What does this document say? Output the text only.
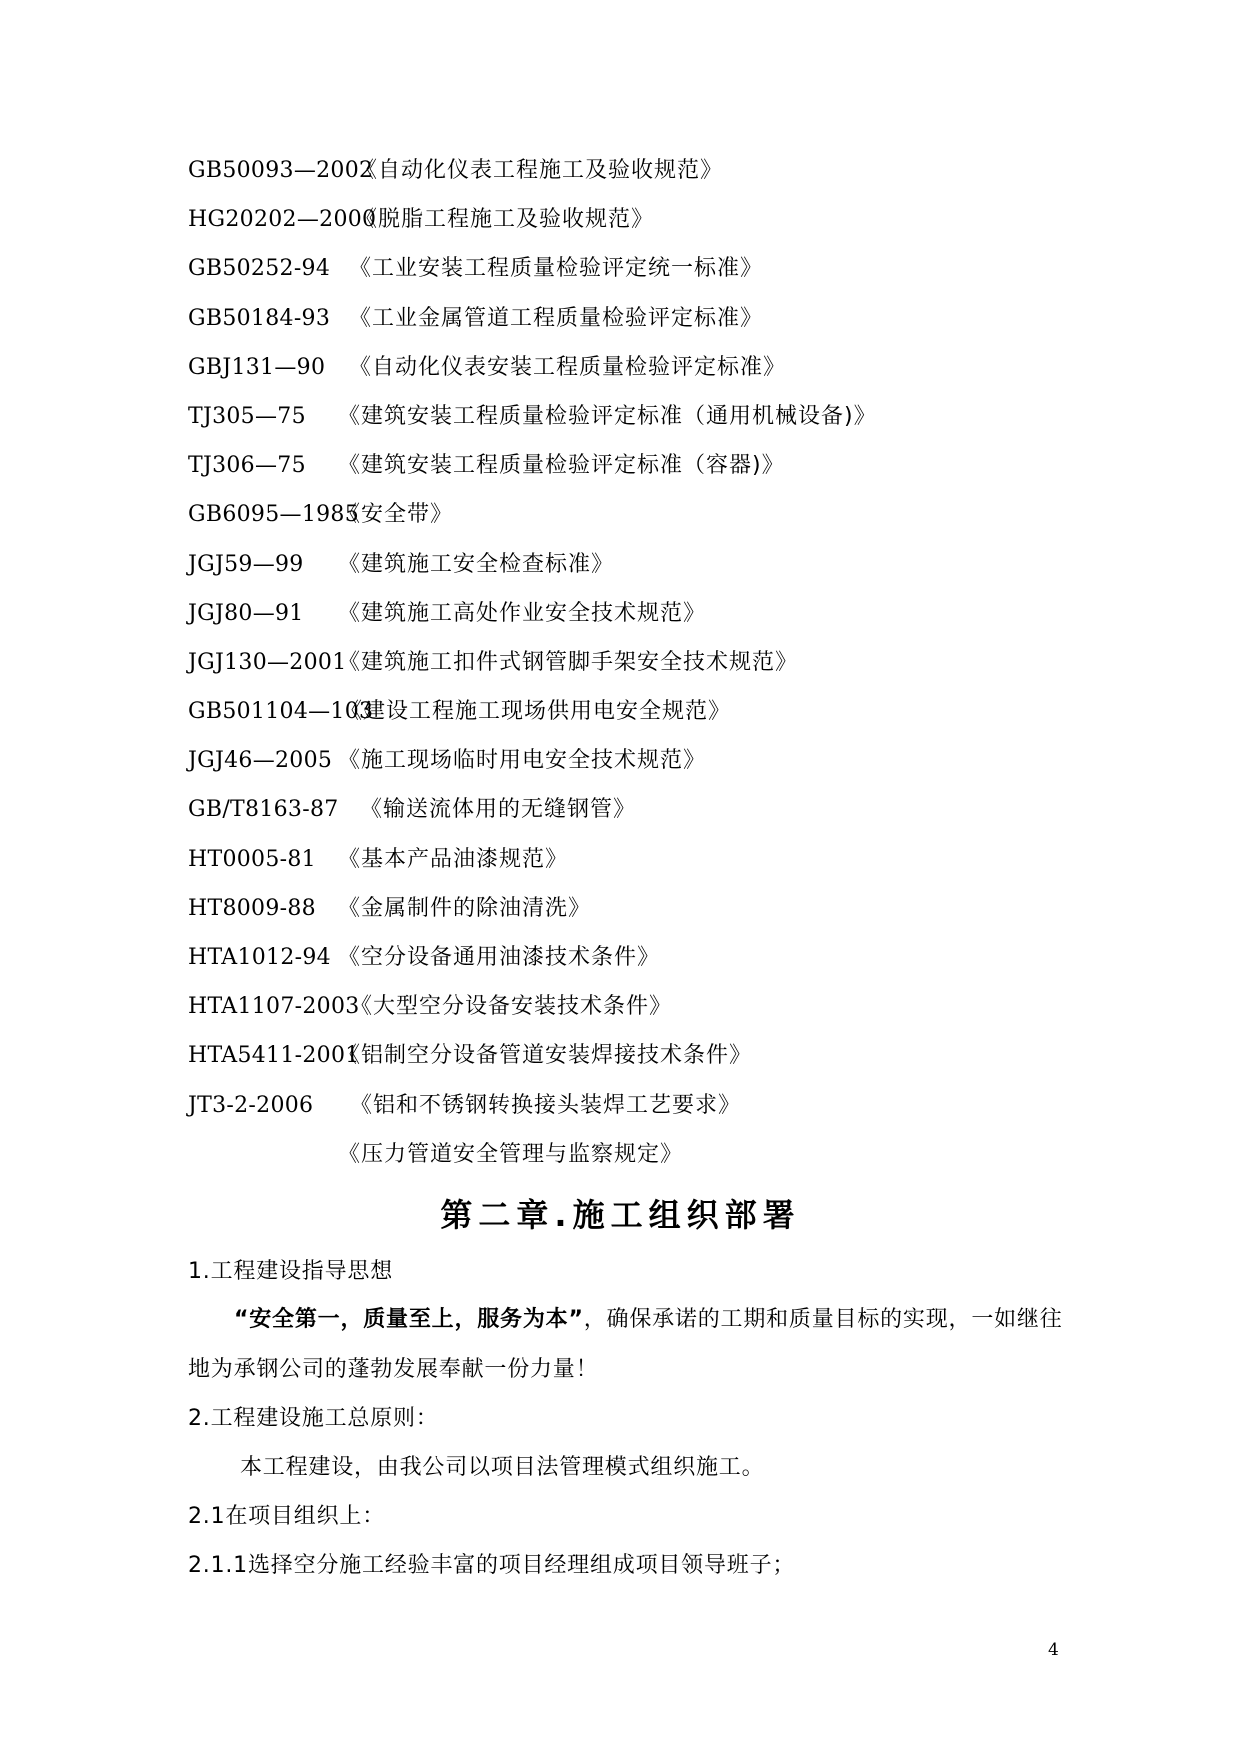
GB50093—2002
《自动化仪表工程施工及验收规范》
HG20202—2000
《脱脂工程施工及验收规范》
GB50252-94 《工业安装工程质量检验评定统一标准》
GB50184-93 《工业金属管道工程质量检验评定标准》
GBJ131—90 《自动化仪表安装工程质量检验评定标准》
TJ305—75 《建筑安装工程质量检验评定标准（通用机械设备)》
TJ306—75 《建筑安装工程质量检验评定标准（容器)》
GB6095—1985
《安全带》
JGJ59—99 《建筑施工安全检查标准》
JGJ80—91 《建筑施工高处作业安全技术规范》
JGJ130—2001
《建筑施工扣件式钢管脚手架安全技术规范》
GB501104—103
《建设工程施工现场供用电安全规范》
JGJ46—2005 《施工现场临时用电安全技术规范》
GB/T8163-87 《输送流体用的无缝钢管》
HT0005-81 《基本产品油漆规范》
HT8009-88 《金属制件的除油清洗》
HTA1012-94 《空分设备通用油漆技术条件》
HTA1107-2003
《大型空分设备安装技术条件》
HTA5411-2001
《铝制空分设备管道安装焊接技术条件》
JT3-2-2006 《铝和不锈钢转换接头装焊工艺要求》
《压力管道安全管理与监察规定》
第二章.施工组织部署

1.工程建设指导思想

“安全第一，质量至上，服务为本”，确保承诺的工期和质量目标的实现，一如继往地为承钢公司的蓬勃发展奉献一份力量！

2.工程建设施工总原则：

本工程建设，由我公司以项目法管理模式组织施工。

2.1在项目组织上：

2.1.1选择空分施工经验丰富的项目经理组成项目领导班子；

4
